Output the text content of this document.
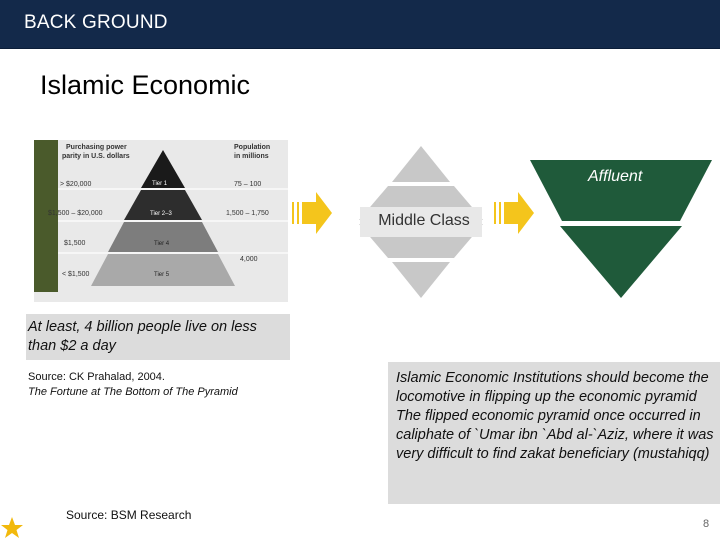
BACK GROUND
Islamic Economic
Poor
Purchasing power
parity in U.S. dollars
Population
in millions
> $20,000
$1,500 – $20,000
$1,500
< $1,500
Tier 1
Tier 2–3
Tier 4
Tier 5
75 – 100
1,500 – 1,750
4,000
Middle Class
Affluent
At least, 4 billion people live on less than $2 a day
Source: CK Prahalad, 2004.
The Fortune at The Bottom of The Pyramid
Islamic Economic Institutions should become the locomotive in flipping up the economic pyramid
The flipped economic pyramid once occurred in caliphate of `Umar ibn `Abd al-`Aziz, where it was very difficult to find zakat beneficiary (mustahiqq)
Source: BSM Research
8
